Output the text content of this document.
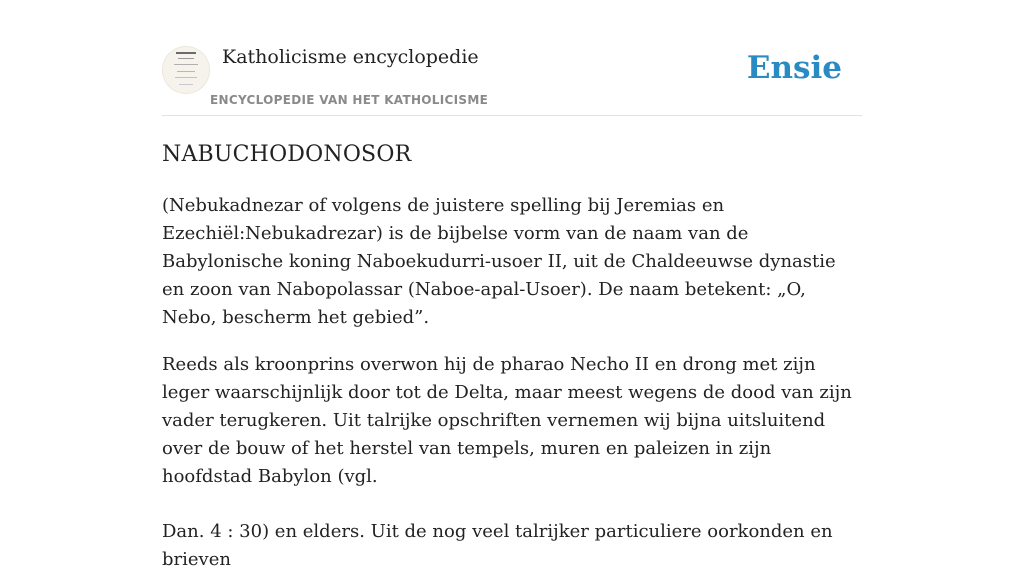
Katholicisme encyclopedie
ENCYCLOPEDIE VAN HET KATHOLICISME
Ensie
NABUCHODONOSOR

(Nebukadnezar of volgens de juistere spelling bij Jeremias en Ezechiël:Nebukadrezar) is de bijbelse vorm van de naam van de Babylonische koning Naboekudurri-usoer II, uit de Chaldeeuwse dynastie en zoon van Nabopolassar (Naboe-apal-Usoer). De naam betekent: „O, Nebo, bescherm het gebied”.

Reeds als kroonprins overwon hij de pharao Necho II en drong met zijn leger waarschijnlijk door tot de Delta, maar meest wegens de dood van zijn vader terugkeren. Uit talrijke opschriften vernemen wij bijna uitsluitend over de bouw of het herstel van tempels, muren en paleizen in zijn hoofdstad Babylon (vgl.

Dan. 4 : 30) en elders. Uit de nog veel talrijker particuliere oorkonden en brieven
